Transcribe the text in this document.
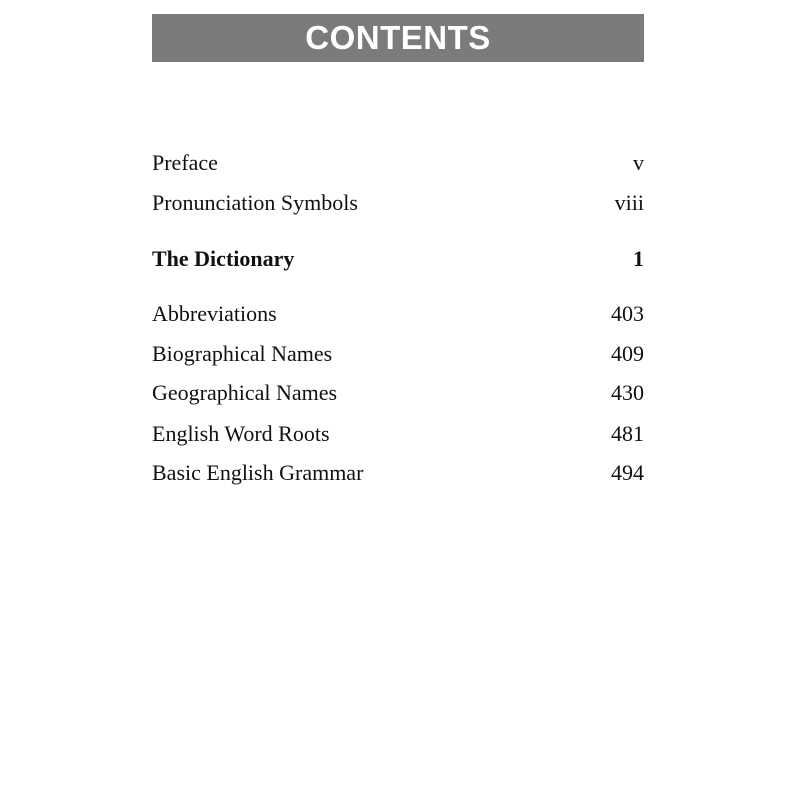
CONTENTS
Preface	v
Pronunciation Symbols	viii
The Dictionary	1
Abbreviations	403
Biographical Names	409
Geographical Names	430
English Word Roots	481
Basic English Grammar	494
